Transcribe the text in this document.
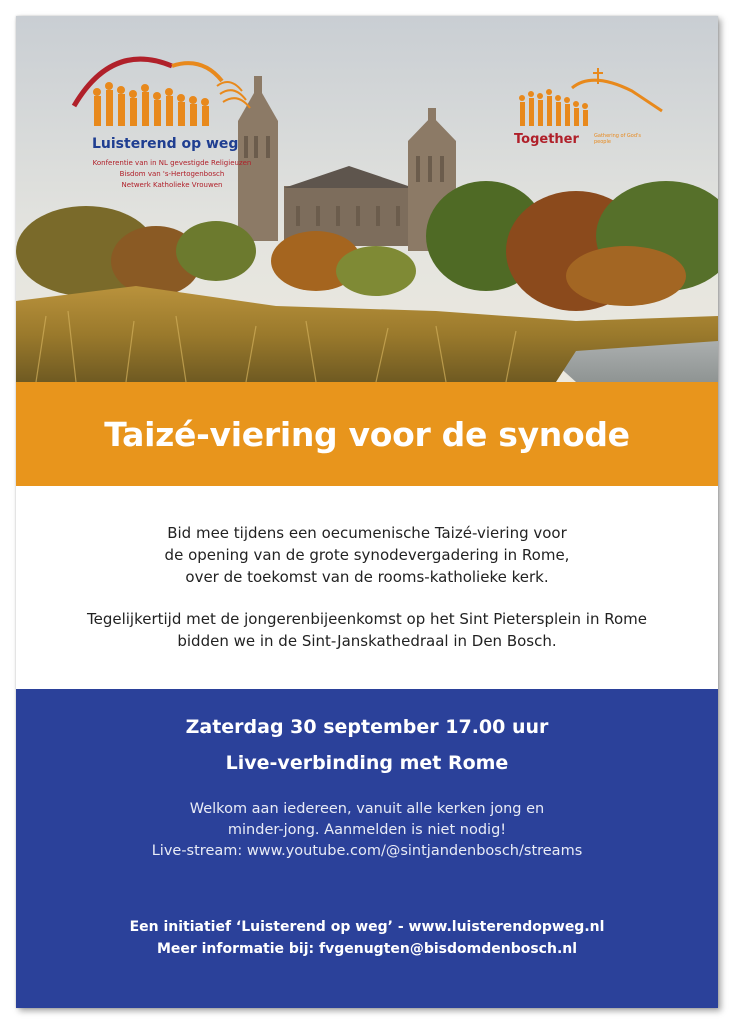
Luisterend op weg
Konferentie van in NL gevestigde Religieuzen
Bisdom van 's-Hertogenbosch
Netwerk Katholieke Vrouwen
Together	Gathering of God's people
Taizé-viering voor de synode

Bid mee tijdens een oecumenische Taizé-viering voor
de opening van de grote synodevergadering in Rome,
over de toekomst van de rooms-katholieke kerk.

Tegelijkertijd met de jongerenbijeenkomst op het Sint Pietersplein in Rome
bidden we in de Sint-Janskathedraal in Den Bosch.

Zaterdag 30 september 17.00 uur
Live-verbinding met Rome
Welkom aan iedereen, vanuit alle kerken jong en
minder-jong. Aanmelden is niet nodig!
Live-stream: www.youtube.com/@sintjandenbosch/streams
Een initiatief ‘Luisterend op weg’ - www.luisterendopweg.nl
Meer informatie bij: fvgenugten@bisdomdenbosch.nl
